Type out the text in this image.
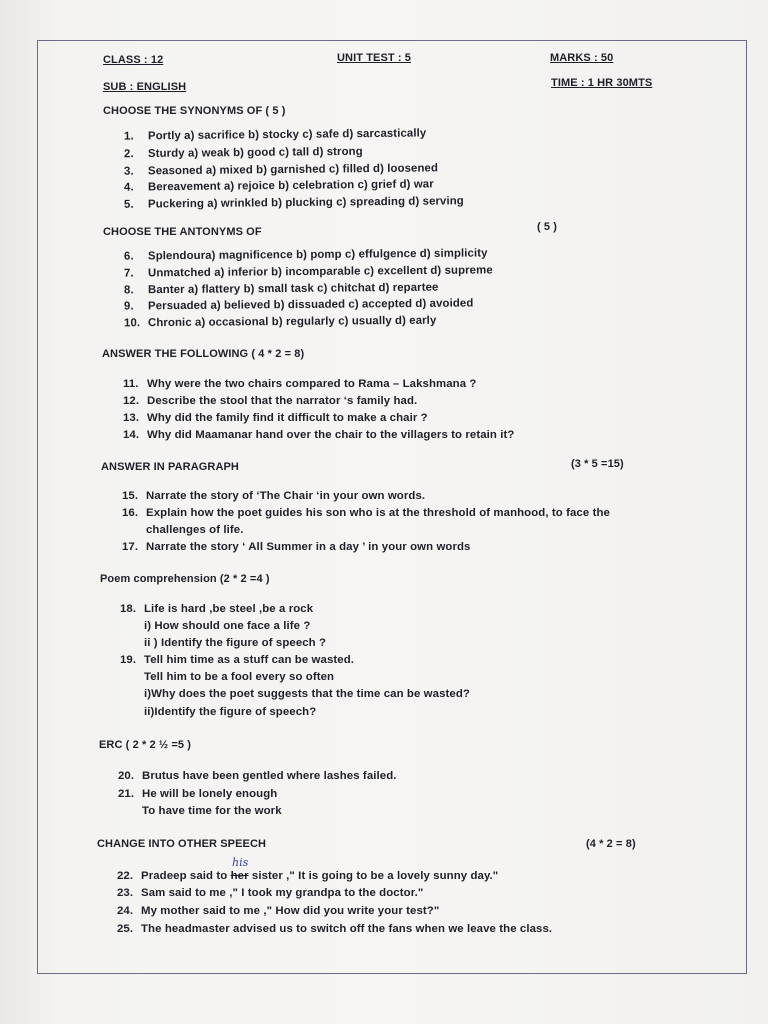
CLASS : 12	UNIT TEST : 5	MARKS : 50
SUB : ENGLISH	TIME : 1 HR 30MTS
CHOOSE THE SYNONYMS OF ( 5 )
1. Portly a) sacrifice b) stocky c) safe d) sarcastically
2. Sturdy a) weak b) good c) tall d) strong
3. Seasoned a) mixed b) garnished c) filled d) loosened
4. Bereavement a) rejoice b) celebration c) grief d) war
5. Puckering a) wrinkled b) plucking c) spreading d) serving
CHOOSE THE ANTONYMS OF	( 5 )
6. Splendoura) magnificence b) pomp c) effulgence d) simplicity
7. Unmatched a) inferior b) incomparable c) excellent d) supreme
8. Banter a) flattery b) small task c) chitchat d) repartee
9. Persuaded a) believed b) dissuaded c) accepted d) avoided
10. Chronic a) occasional b) regularly c) usually d) early
ANSWER THE FOLLOWING ( 4 * 2 = 8)
11. Why were the two chairs compared to Rama – Lakshmana ?
12. Describe the stool that the narrator ‘s family had.
13. Why did the family find it difficult to make a chair ?
14. Why did Maamanar hand over the chair to the villagers to retain it?
ANSWER IN PARAGRAPH	(3 * 5 =15)
15. Narrate the story of ‘The Chair ‘in your own words.
16. Explain how the poet guides his son who is at the threshold of manhood, to face the
challenges of life.
17. Narrate the story ‘ All Summer in a day ’ in your own words
Poem comprehension (2 * 2 =4 )
18. Life is hard ,be steel ,be a rock
i) How should one face a life ?
ii ) Identify the figure of speech ?
19. Tell him time as a stuff can be wasted.
Tell him to be a fool every so often
i)Why does the poet suggests that the time can be wasted?
ii)Identify the figure of speech?
ERC ( 2 * 2 ½ =5 )
20. Brutus have been gentled where lashes failed.
21. He will be lonely enough
To have time for the work
CHANGE INTO OTHER SPEECH	(4 * 2 = 8)
22. Pradeep said to her sister ," It is going to be a lovely sunny day."
his
23. Sam said to me ," I took my grandpa to the doctor."
24. My mother said to me ," How did you write your test?"
25. The headmaster advised us to switch off the fans when we leave the class.
